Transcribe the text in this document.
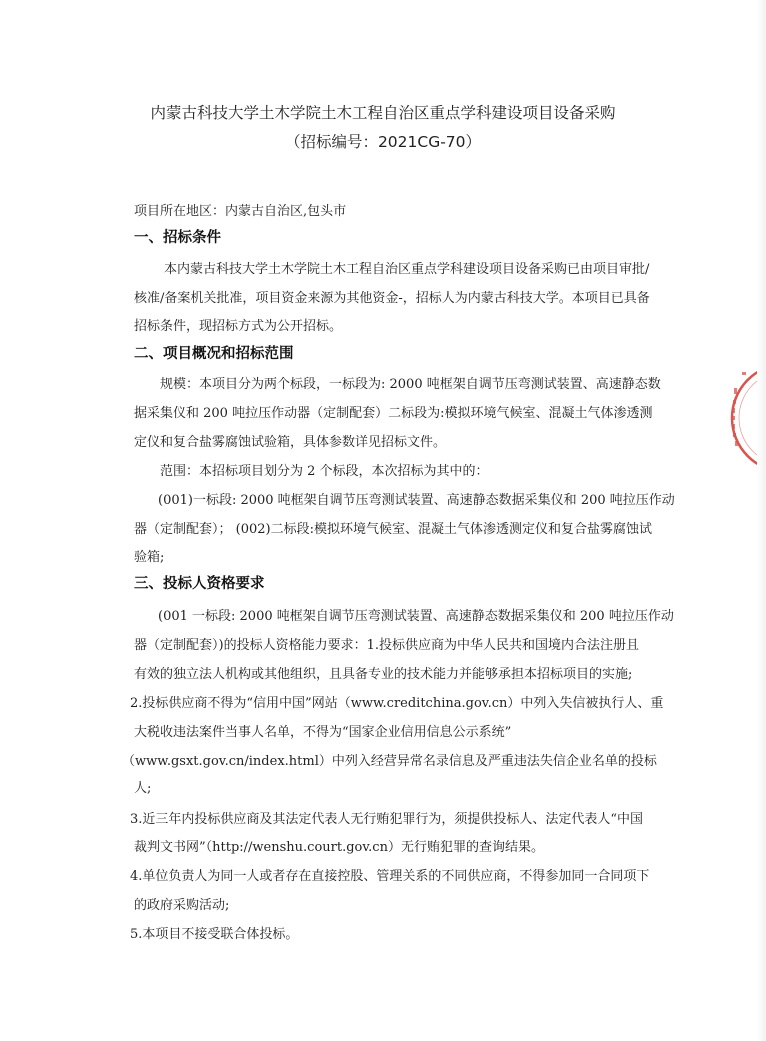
内蒙古科技大学土木学院土木工程自治区重点学科建设项目设备采购
（招标编号：2021CG-70）
项目所在地区：内蒙古自治区,包头市
一、招标条件
本内蒙古科技大学土木学院土木工程自治区重点学科建设项目设备采购已由项目审批/
核准/备案机关批准，项目资金来源为其他资金-，招标人为内蒙古科技大学。本项目已具备
招标条件，现招标方式为公开招标。
二、项目概况和招标范围
规模：本项目分为两个标段，一标段为: 2000 吨框架自调节压弯测试装置、高速静态数
据采集仪和 200 吨拉压作动器（定制配套）二标段为:模拟环境气候室、混凝土气体渗透测
定仪和复合盐雾腐蚀试验箱，具体参数详见招标文件。
范围：本招标项目划分为 2 个标段，本次招标为其中的：
(001)一标段: 2000 吨框架自调节压弯测试装置、高速静态数据采集仪和 200 吨拉压作动
器（定制配套）； (002)二标段:模拟环境气候室、混凝土气体渗透测定仪和复合盐雾腐蚀试
验箱;
三、投标人资格要求
(001 一标段: 2000 吨框架自调节压弯测试装置、高速静态数据采集仪和 200 吨拉压作动
器（定制配套）)的投标人资格能力要求：1.投标供应商为中华人民共和国境内合法注册且
有效的独立法人机构或其他组织，且具备专业的技术能力并能够承担本招标项目的实施;
2.投标供应商不得为“信用中国”网站（www.creditchina.gov.cn）中列入失信被执行人、重
大税收违法案件当事人名单，不得为“国家企业信用信息公示系统”
（www.gsxt.gov.cn/index.html）中列入经营异常名录信息及严重违法失信企业名单的投标
人;
3.近三年内投标供应商及其法定代表人无行贿犯罪行为，须提供投标人、法定代表人“中国
裁判文书网”（http://wenshu.court.gov.cn）无行贿犯罪的查询结果。
4.单位负责人为同一人或者存在直接控股、管理关系的不同供应商，不得参加同一合同项下
的政府采购活动;
5.本项目不接受联合体投标。
